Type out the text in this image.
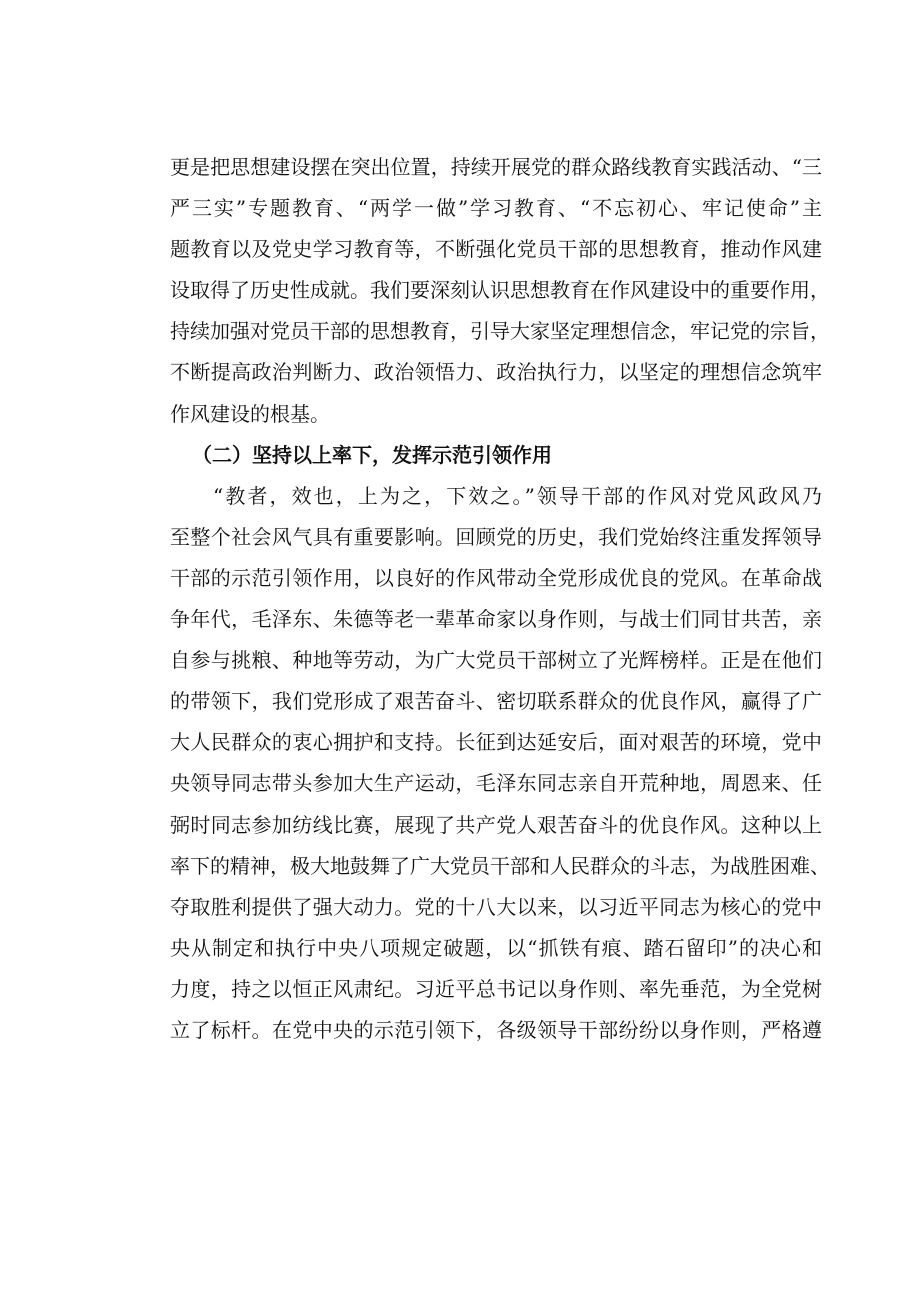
更是把思想建设摆在突出位置，持续开展党的群众路线教育实践活动、“三
严三实”专题教育、“两学一做”学习教育、“不忘初心、牢记使命”主
题教育以及党史学习教育等，不断强化党员干部的思想教育，推动作风建
设取得了历史性成就。我们要深刻认识思想教育在作风建设中的重要作用，
持续加强对党员干部的思想教育，引导大家坚定理想信念，牢记党的宗旨，
不断提高政治判断力、政治领悟力、政治执行力，以坚定的理想信念筑牢
作风建设的根基。
（二）坚持以上率下，发挥示范引领作用
“教者，效也，上为之，下效之。”领导干部的作风对党风政风乃
至整个社会风气具有重要影响。回顾党的历史，我们党始终注重发挥领导
干部的示范引领作用，以良好的作风带动全党形成优良的党风。在革命战
争年代，毛泽东、朱德等老一辈革命家以身作则，与战士们同甘共苦，亲
自参与挑粮、种地等劳动，为广大党员干部树立了光辉榜样。正是在他们
的带领下，我们党形成了艰苦奋斗、密切联系群众的优良作风，赢得了广
大人民群众的衷心拥护和支持。长征到达延安后，面对艰苦的环境，党中
央领导同志带头参加大生产运动，毛泽东同志亲自开荒种地，周恩来、任
弼时同志参加纺线比赛，展现了共产党人艰苦奋斗的优良作风。这种以上
率下的精神，极大地鼓舞了广大党员干部和人民群众的斗志，为战胜困难、
夺取胜利提供了强大动力。党的十八大以来，以习近平同志为核心的党中
央从制定和执行中央八项规定破题，以“抓铁有痕、踏石留印”的决心和
力度，持之以恒正风肃纪。习近平总书记以身作则、率先垂范，为全党树
立了标杆。在党中央的示范引领下，各级领导干部纷纷以身作则，严格遵
